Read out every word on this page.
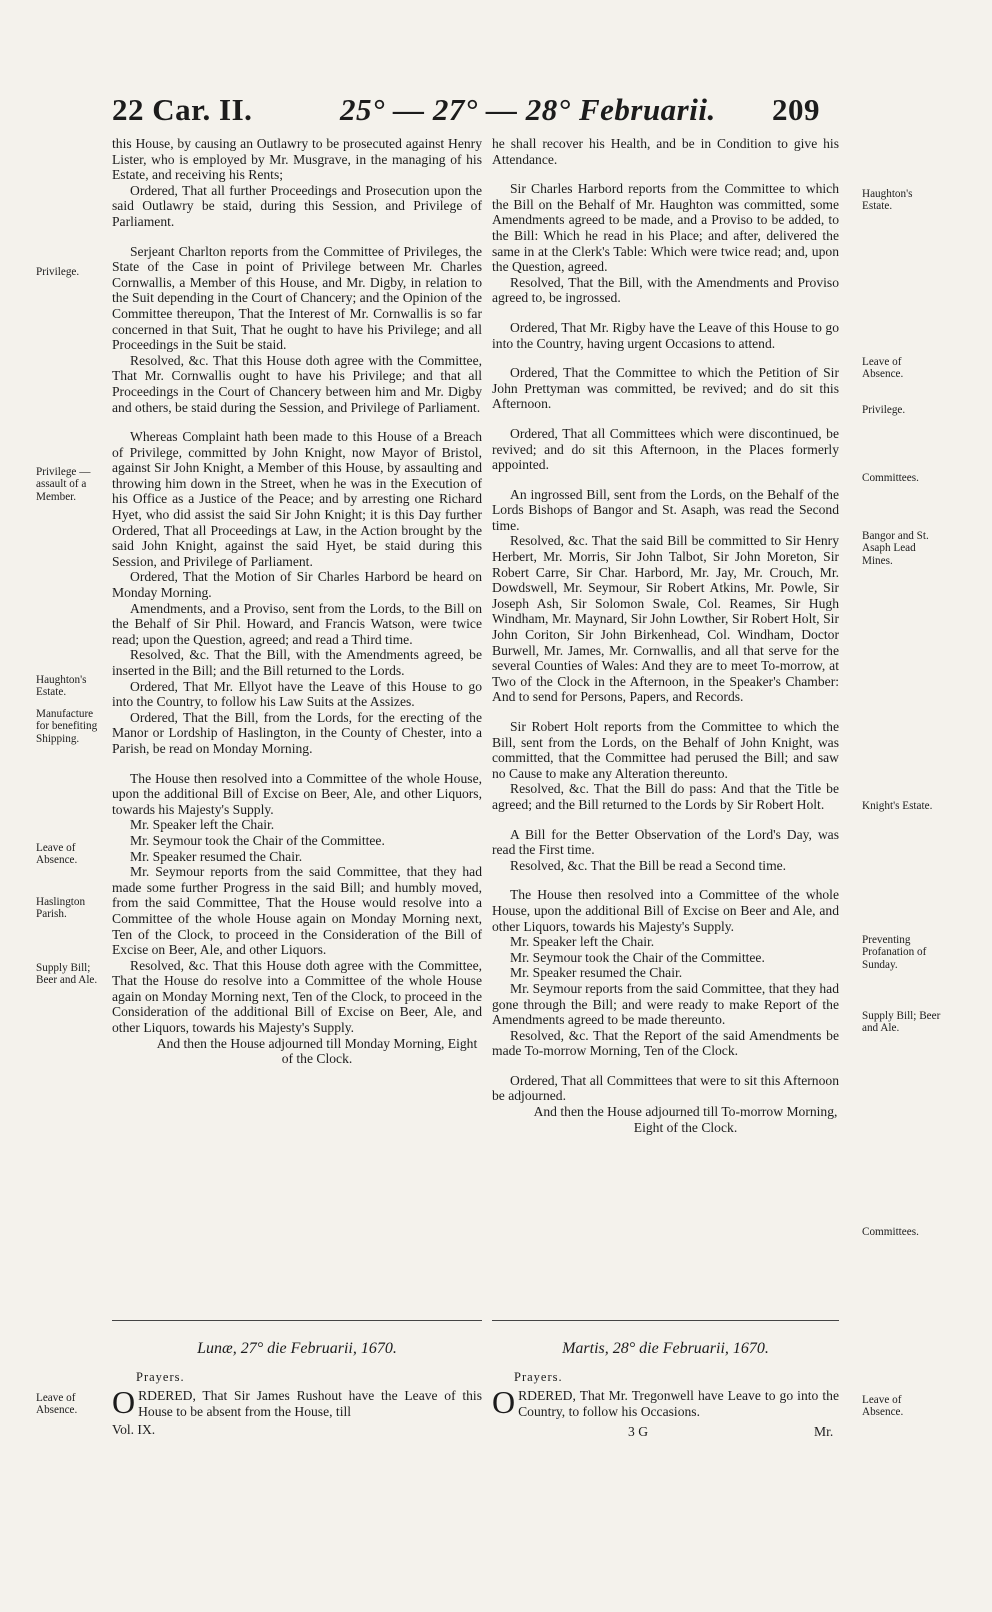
22 Car. II.	25° — 27° — 28° Februarii. 209
Privilege.
Privilege — assault of a Member.
Haughton's Estate.
Manufacture for benefiting Shipping.
Leave of Absence.
Haslington Parish.
Supply Bill; Beer and Ale.
Leave of Absence.

this House, by causing an Outlawry to be prosecuted against Henry Lister, who is employed by Mr. Musgrave, in the managing of his Estate, and receiving his Rents;

Ordered, That all further Proceedings and Prosecution upon the said Outlawry be staid, during this Session, and Privilege of Parliament.

Serjeant Charlton reports from the Committee of Privileges, the State of the Case in point of Privilege between Mr. Charles Cornwallis, a Member of this House, and Mr. Digby, in relation to the Suit depending in the Court of Chancery; and the Opinion of the Committee thereupon, That the Interest of Mr. Cornwallis is so far concerned in that Suit, That he ought to have his Privilege; and all Proceedings in the Suit be staid.

Resolved, &c. That this House doth agree with the Committee, That Mr. Cornwallis ought to have his Privilege; and that all Proceedings in the Court of Chancery between him and Mr. Digby and others, be staid during the Session, and Privilege of Parliament.

Whereas Complaint hath been made to this House of a Breach of Privilege, committed by John Knight, now Mayor of Bristol, against Sir John Knight, a Member of this House, by assaulting and throwing him down in the Street, when he was in the Execution of his Office as a Justice of the Peace; and by arresting one Richard Hyet, who did assist the said Sir John Knight; it is this Day further Ordered, That all Proceedings at Law, in the Action brought by the said John Knight, against the said Hyet, be staid during this Session, and Privilege of Parliament.

Ordered, That the Motion of Sir Charles Harbord be heard on Monday Morning.

Amendments, and a Proviso, sent from the Lords, to the Bill on the Behalf of Sir Phil. Howard, and Francis Watson, were twice read; upon the Question, agreed; and read a Third time.

Resolved, &c. That the Bill, with the Amendments agreed, be inserted in the Bill; and the Bill returned to the Lords.

Ordered, That Mr. Ellyot have the Leave of this House to go into the Country, to follow his Law Suits at the Assizes.

Ordered, That the Bill, from the Lords, for the erecting of the Manor or Lordship of Haslington, in the County of Chester, into a Parish, be read on Monday Morning.

The House then resolved into a Committee of the whole House, upon the additional Bill of Excise on Beer, Ale, and other Liquors, towards his Majesty's Supply.

Mr. Speaker left the Chair.

Mr. Seymour took the Chair of the Committee.

Mr. Speaker resumed the Chair.

Mr. Seymour reports from the said Committee, that they had made some further Progress in the said Bill; and humbly moved, from the said Committee, That the House would resolve into a Committee of the whole House again on Monday Morning next, Ten of the Clock, to proceed in the Consideration of the Bill of Excise on Beer, Ale, and other Liquors.

Resolved, &c. That this House doth agree with the Committee, That the House do resolve into a Committee of the whole House again on Monday Morning next, Ten of the Clock, to proceed in the Consideration of the additional Bill of Excise on Beer, Ale, and other Liquors, towards his Majesty's Supply.

And then the House adjourned till Monday Morning, Eight of the Clock.

Lunæ, 27° die Februarii, 1670.
Prayers.

ORDERED, That Sir James Rushout have the Leave of this House to be absent from the House, till

Vol. IX.

he shall recover his Health, and be in Condition to give his Attendance.

Sir Charles Harbord reports from the Committee to which the Bill on the Behalf of Mr. Haughton was committed, some Amendments agreed to be made, and a Proviso to be added, to the Bill: Which he read in his Place; and after, delivered the same in at the Clerk's Table: Which were twice read; and, upon the Question, agreed.

Resolved, That the Bill, with the Amendments and Proviso agreed to, be ingrossed.

Ordered, That Mr. Rigby have the Leave of this House to go into the Country, having urgent Occasions to attend.

Ordered, That the Committee to which the Petition of Sir John Prettyman was committed, be revived; and do sit this Afternoon.

Ordered, That all Committees which were discontinued, be revived; and do sit this Afternoon, in the Places formerly appointed.

An ingrossed Bill, sent from the Lords, on the Behalf of the Lords Bishops of Bangor and St. Asaph, was read the Second time.

Resolved, &c. That the said Bill be committed to Sir Henry Herbert, Mr. Morris, Sir John Talbot, Sir John Moreton, Sir Robert Carre, Sir Char. Harbord, Mr. Jay, Mr. Crouch, Mr. Dowdswell, Mr. Seymour, Sir Robert Atkins, Mr. Powle, Sir Joseph Ash, Sir Solomon Swale, Col. Reames, Sir Hugh Windham, Mr. Maynard, Sir John Lowther, Sir Robert Holt, Sir John Coriton, Sir John Birkenhead, Col. Windham, Doctor Burwell, Mr. James, Mr. Cornwallis, and all that serve for the several Counties of Wales: And they are to meet To-morrow, at Two of the Clock in the Afternoon, in the Speaker's Chamber: And to send for Persons, Papers, and Records.

Sir Robert Holt reports from the Committee to which the Bill, sent from the Lords, on the Behalf of John Knight, was committed, that the Committee had perused the Bill; and saw no Cause to make any Alteration thereunto.

Resolved, &c. That the Bill do pass: And that the Title be agreed; and the Bill returned to the Lords by Sir Robert Holt.

A Bill for the Better Observation of the Lord's Day, was read the First time.

Resolved, &c. That the Bill be read a Second time.

The House then resolved into a Committee of the whole House, upon the additional Bill of Excise on Beer and Ale, and other Liquors, towards his Majesty's Supply.

Mr. Speaker left the Chair.

Mr. Seymour took the Chair of the Committee.

Mr. Speaker resumed the Chair.

Mr. Seymour reports from the said Committee, that they had gone through the Bill; and were ready to make Report of the Amendments agreed to be made thereunto.

Resolved, &c. That the Report of the said Amendments be made To-morrow Morning, Ten of the Clock.

Ordered, That all Committees that were to sit this Afternoon be adjourned.

And then the House adjourned till To-morrow Morning, Eight of the Clock.

Martis, 28° die Februarii, 1670.
Prayers.

ORDERED, That Mr. Tregonwell have Leave to go into the Country, to follow his Occasions.

3 G	Mr.
Haughton's Estate.
Leave of Absence.
Privilege.
Committees.
Bangor and St. Asaph Lead Mines.
Knight's Estate.
Preventing Profanation of Sunday.
Supply Bill; Beer and Ale.
Committees.
Leave of Absence.
